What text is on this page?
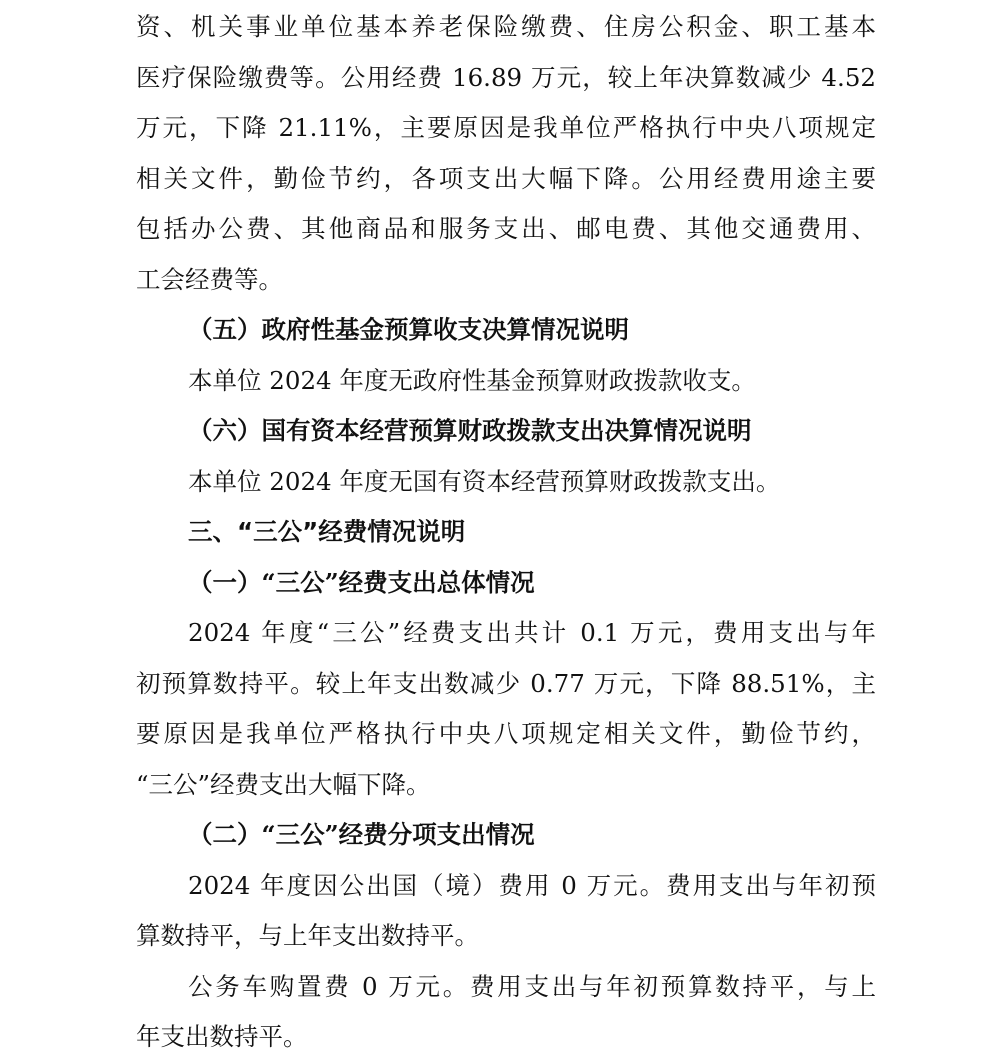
资、机关事业单位基本养老保险缴费、住房公积金、职工基本

医疗保险缴费等。公用经费 16.89 万元，较上年决算数减少 4.52

万元，下降 21.11%，主要原因是我单位严格执行中央八项规定

相关文件，勤俭节约，各项支出大幅下降。公用经费用途主要

包括办公费、其他商品和服务支出、邮电费、其他交通费用、

工会经费等。

（五）政府性基金预算收支决算情况说明

本单位 2024 年度无政府性基金预算财政拨款收支。

（六）国有资本经营预算财政拨款支出决算情况说明

本单位 2024 年度无国有资本经营预算财政拨款支出。

三、“三公”经费情况说明

（一）“三公”经费支出总体情况

2024 年度“三公”经费支出共计 0.1 万元，费用支出与年

初预算数持平。较上年支出数减少 0.77 万元，下降 88.51%，主

要原因是我单位严格执行中央八项规定相关文件，勤俭节约，

“三公”经费支出大幅下降。

（二）“三公”经费分项支出情况

2024 年度因公出国（境）费用 0 万元。费用支出与年初预

算数持平，与上年支出数持平。

公务车购置费 0 万元。费用支出与年初预算数持平，与上

年支出数持平。
